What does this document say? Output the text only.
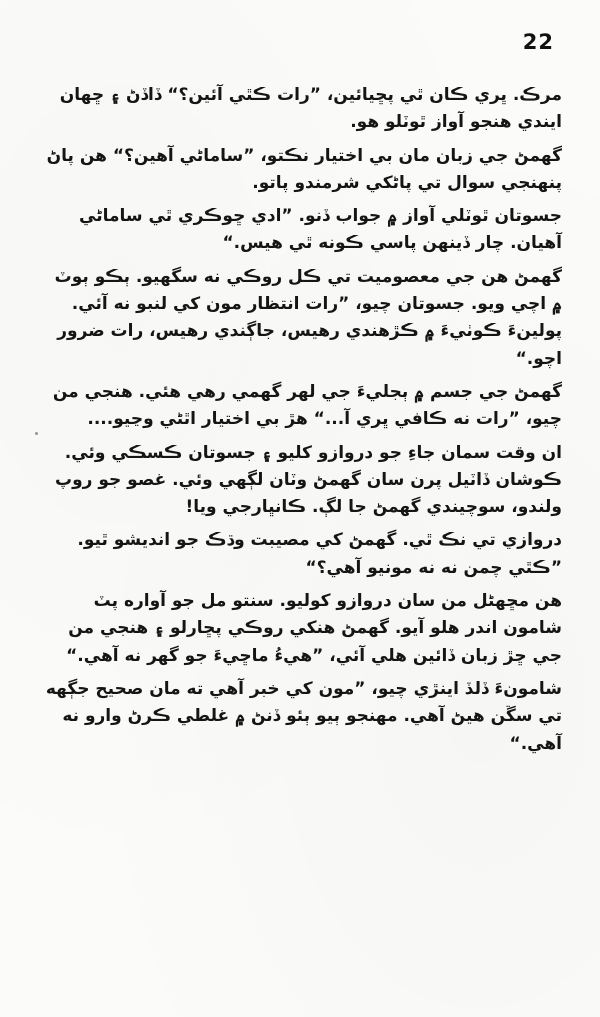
22

مرڪ. ڀري ڪان ٿي پڇيائين، ”رات ڪٿي آئين؟“ ڏاڏڻ ۽ ڇهان ايندي هنجو آواز ٿوٽلو هو.

گهمڻ جي زبان مان بي اختيار نڪتو، ”ساماڻي آهين؟“ هن پاڻ پنهنجي سوال تي پاڻکي شرمندو پاتو.

جسوتان ٿوٽلي آواز ۾ جواب ڏنو. ”ادي ڇوڪري ٿي ساماڻي آهيان. چار ڏينهن پاسي ڪونه ٿي هيس.“

گهمڻ هن جي معصوميت تي ڪل روڪي نه سگهيو. ٻڪو ٻوٽ ۾ اچي ويو. جسوتان چيو، ”رات انتظار مون کي لنبو نه آئي. پولينءَ ڪوٺيءَ ۾ ڪڙهندي رهيس، جاڳندي رهيس، رات ضرور اچو.“

گهمڻ جي جسم ۾ ٻجليءَ جي لهر گهمي رهي هئي. هنجي من چيو، ”رات نه ڪافي ڀري آ...“ هڙ بي اختيار اٿڻي وڃيو....

ان وقت سمان جاءِ جو دروازو کليو ۽ جسوتان ڪسڪي وئي. ڪوشان ڏاٽيل پرن سان گهمڻ وٽان لڳهي وئي. غصو جو روپ ولندو، سوچيندي گهمڻ جا لڳ. ڪانڀارجي ويا!

دروازي تي نڪ ٿي. گهمڻ کي مصيبت وڌڪ جو انديشو ٿيو. ”ڪٿي چمن نه نه مونيو آهي؟“

هن مڇهڻل من سان دروازو کوليو. سنتو مل جو آواره پٽ شامون اندر هلو آيو. گهمڻ هنکي روڪي پڇارلو ۽ هنجي من جي ڇڙ زبان ڏائين هلي آئي، ”هيءُ ماڇيءَ جو گهر نه آهي.“

شامونءَ ڏلڏ اينڙي چيو، ”مون کي خبر آهي ته مان صحيح جڳهه تي سڱن هيڻ آهي. مهنجو ٻيو ٻئو ڏنڻ ۾ غلطي ڪرڻ وارو نه آهي.“
